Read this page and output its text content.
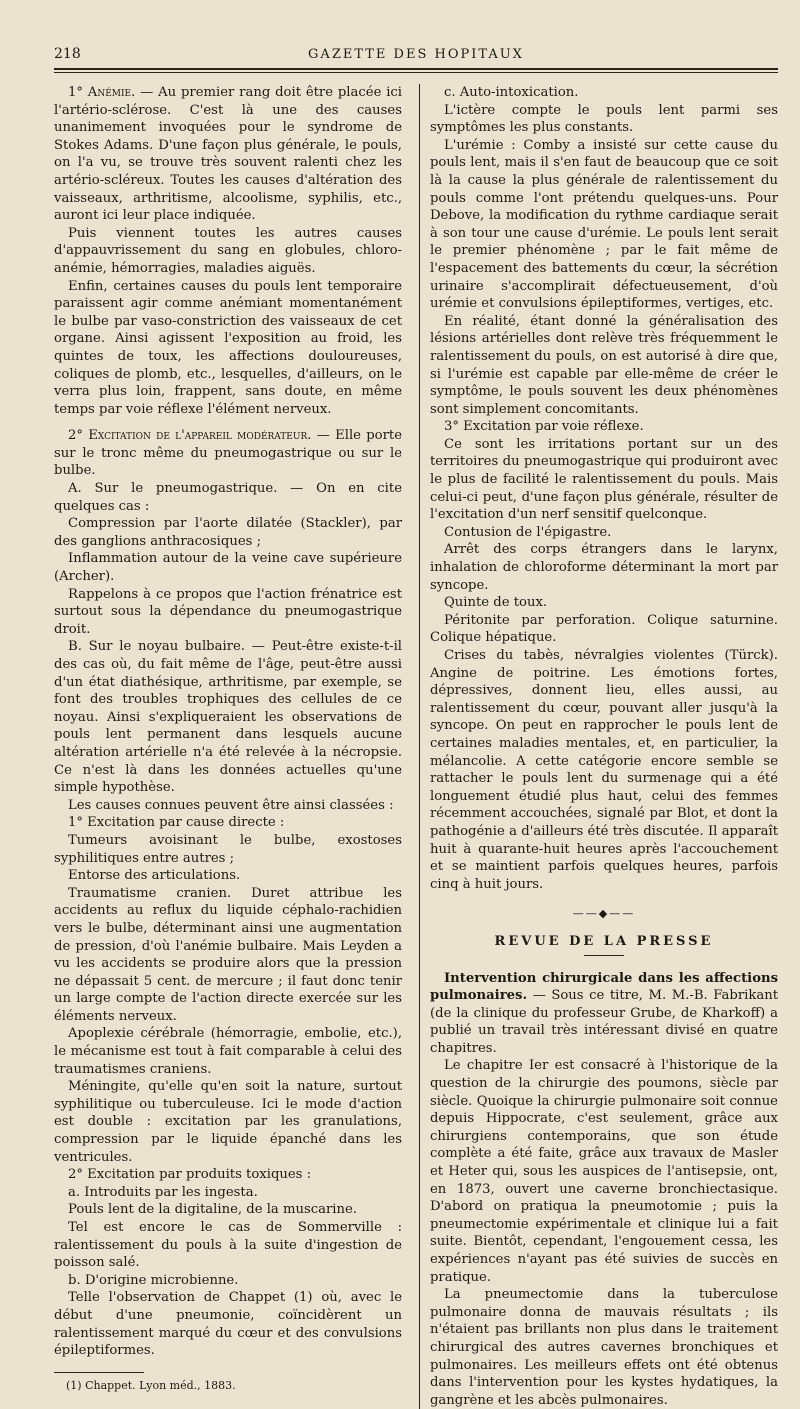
218	GAZETTE DES HOPITAUX

1° Anémie. — Au premier rang doit être placée ici l'artério-sclérose. C'est là une des causes unanimement invoquées pour le syndrome de Stokes Adams. D'une façon plus générale, le pouls, on l'a vu, se trouve très souvent ralenti chez les artério-scléreux. Toutes les causes d'altération des vaisseaux, arthritisme, alcoolisme, syphilis, etc., auront ici leur place indiquée.

Puis viennent toutes les autres causes d'appauvrissement du sang en globules, chloro-anémie, hémorragies, maladies aiguës.

Enfin, certaines causes du pouls lent temporaire paraissent agir comme anémiant momentanément le bulbe par vaso-constriction des vaisseaux de cet organe. Ainsi agissent l'exposition au froid, les quintes de toux, les affections douloureuses, coliques de plomb, etc., lesquelles, d'ailleurs, on le verra plus loin, frappent, sans doute, en même temps par voie réflexe l'élément nerveux.

2° Excitation de l'appareil modérateur. — Elle porte sur le tronc même du pneumogastrique ou sur le bulbe.

A. Sur le pneumogastrique. — On en cite quelques cas :

Compression par l'aorte dilatée (Stackler), par des ganglions anthracosiques ;

Inflammation autour de la veine cave supérieure (Archer).

Rappelons à ce propos que l'action frénatrice est surtout sous la dépendance du pneumogastrique droit.

B. Sur le noyau bulbaire. — Peut-être existe-t-il des cas où, du fait même de l'âge, peut-être aussi d'un état diathésique, arthritisme, par exemple, se font des troubles trophiques des cellules de ce noyau. Ainsi s'expliqueraient les observations de pouls lent permanent dans lesquels aucune altération artérielle n'a été relevée à la nécropsie. Ce n'est là dans les données actuelles qu'une simple hypothèse.

Les causes connues peuvent être ainsi classées :

1° Excitation par cause directe :

Tumeurs avoisinant le bulbe, exostoses syphilitiques entre autres ;

Entorse des articulations.

Traumatisme cranien. Duret attribue les accidents au reflux du liquide céphalo-rachidien vers le bulbe, déterminant ainsi une augmentation de pression, d'où l'anémie bulbaire. Mais Leyden a vu les accidents se produire alors que la pression ne dépassait 5 cent. de mercure ; il faut donc tenir un large compte de l'action directe exercée sur les éléments nerveux.

Apoplexie cérébrale (hémorragie, embolie, etc.), le mécanisme est tout à fait comparable à celui des traumatismes craniens.

Méningite, qu'elle qu'en soit la nature, surtout syphilitique ou tuberculeuse. Ici le mode d'action est double : excitation par les granulations, compression par le liquide épanché dans les ventricules.

2° Excitation par produits toxiques :

a. Introduits par les ingesta.

Pouls lent de la digitaline, de la muscarine.

Tel est encore le cas de Sommerville : ralentissement du pouls à la suite d'ingestion de poisson salé.

b. D'origine microbienne.

Telle l'observation de Chappet (1) où, avec le début d'une pneumonie, coïncidèrent un ralentissement marqué du cœur et des convulsions épileptiformes.

(1) Chappet. Lyon méd., 1883.

c. Auto-intoxication.

L'ictère compte le pouls lent parmi ses symptômes les plus constants.

L'urémie : Comby a insisté sur cette cause du pouls lent, mais il s'en faut de beaucoup que ce soit là la cause la plus générale de ralentissement du pouls comme l'ont prétendu quelques-uns. Pour Debove, la modification du rythme cardiaque serait à son tour une cause d'urémie. Le pouls lent serait le premier phénomène ; par le fait même de l'espacement des battements du cœur, la sécrétion urinaire s'accomplirait défectueusement, d'où urémie et convulsions épileptiformes, vertiges, etc.

En réalité, étant donné la généralisation des lésions artérielles dont relève très fréquemment le ralentissement du pouls, on est autorisé à dire que, si l'urémie est capable par elle-même de créer le symptôme, le pouls souvent les deux phénomènes sont simplement concomitants.

3° Excitation par voie réflexe.

Ce sont les irritations portant sur un des territoires du pneumogastrique qui produiront avec le plus de facilité le ralentissement du pouls. Mais celui-ci peut, d'une façon plus générale, résulter de l'excitation d'un nerf sensitif quelconque.

Contusion de l'épigastre.

Arrêt des corps étrangers dans le larynx, inhalation de chloroforme déterminant la mort par syncope.

Quinte de toux.

Péritonite par perforation. Colique saturnine. Colique hépatique.

Crises du tabès, névralgies violentes (Türck). Angine de poitrine. Les émotions fortes, dépressives, donnent lieu, elles aussi, au ralentissement du cœur, pouvant aller jusqu'à la syncope. On peut en rapprocher le pouls lent de certaines maladies mentales, et, en particulier, la mélancolie. A cette catégorie encore semble se rattacher le pouls lent du surmenage qui a été longuement étudié plus haut, celui des femmes récemment accouchées, signalé par Blot, et dont la pathogénie a d'ailleurs été très discutée. Il apparaît huit à quarante-huit heures après l'accouchement et se maintient parfois quelques heures, parfois cinq à huit jours.

——◆——
REVUE DE LA PRESSE

Intervention chirurgicale dans les affections pulmonaires. — Sous ce titre, M. M.-B. Fabrikant (de la clinique du professeur Grube, de Kharkoff) a publié un travail très intéressant divisé en quatre chapitres.

Le chapitre Ier est consacré à l'historique de la question de la chirurgie des poumons, siècle par siècle. Quoique la chirurgie pulmonaire soit connue depuis Hippocrate, c'est seulement, grâce aux chirurgiens contemporains, que son étude complète a été faite, grâce aux travaux de Masler et Heter qui, sous les auspices de l'antisepsie, ont, en 1873, ouvert une caverne bronchiectasique. D'abord on pratiqua la pneumotomie ; puis la pneumectomie expérimentale et clinique lui a fait suite. Bientôt, cependant, l'engouement cessa, les expériences n'ayant pas été suivies de succès en pratique.

La pneumectomie dans la tuberculose pulmonaire donna de mauvais résultats ; ils n'étaient pas brillants non plus dans le traitement chirurgical des autres cavernes bronchiques et pulmonaires. Les meilleurs effets ont été obtenus dans l'intervention pour les kystes hydatiques, la gangrène et les abcès pulmonaires.
